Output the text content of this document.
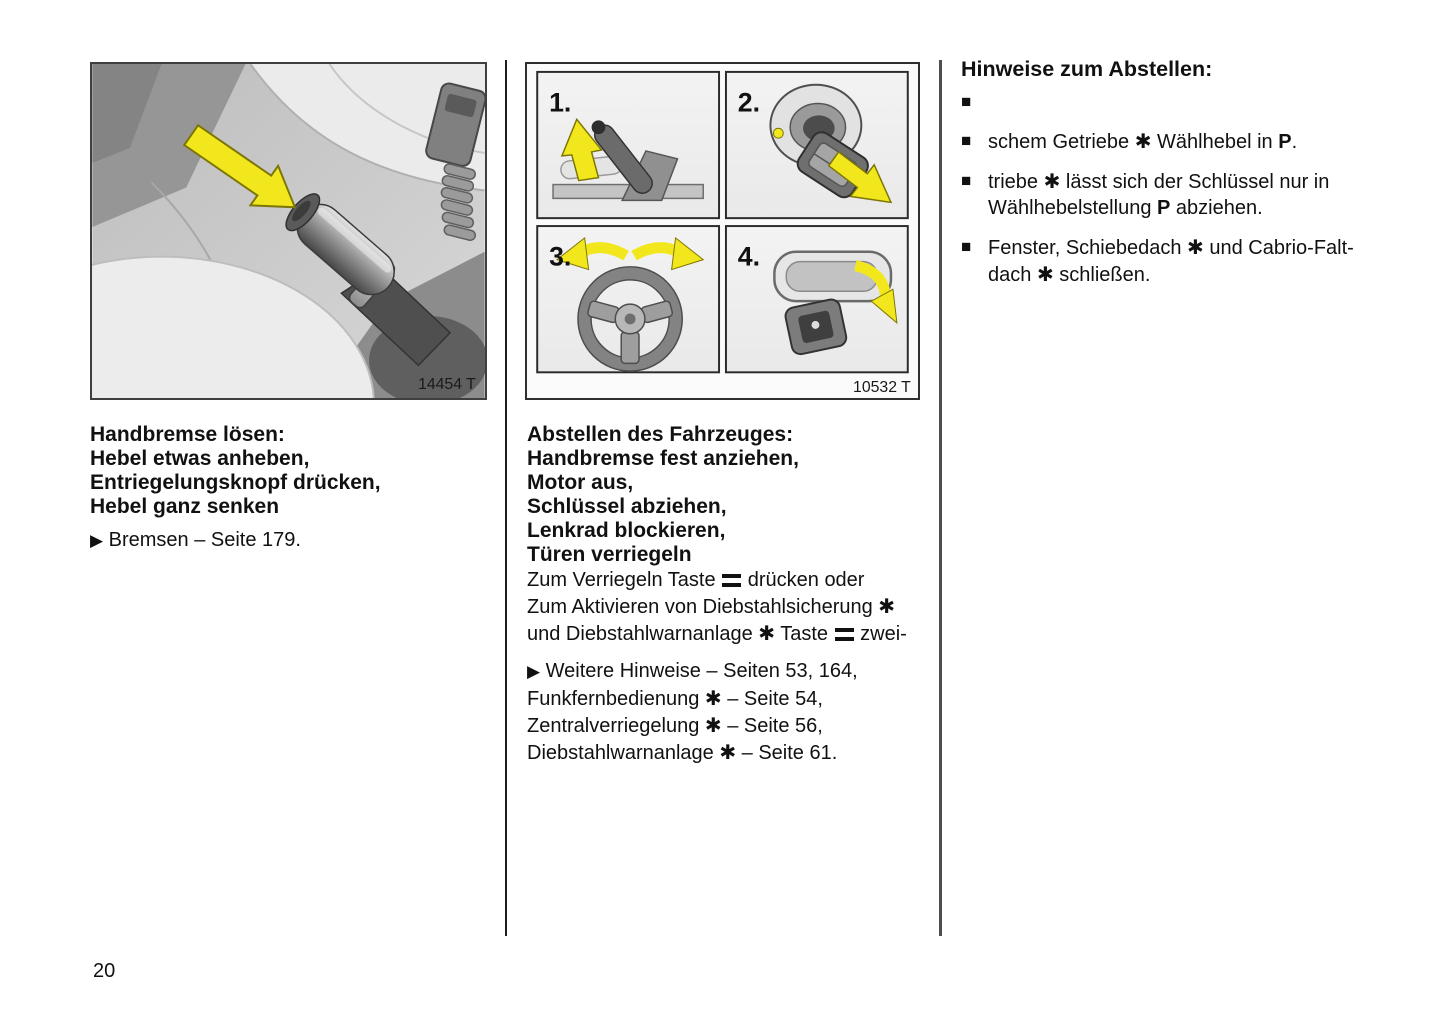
14454 T
1.	2.
3.	4.
10532 T
Handbremse lösen:
Hebel etwas anheben,
Entriegelungsknopf drücken,
Hebel ganz senken
▶ Bremsen – Seite 179.
Abstellen des Fahrzeuges:
Handbremse fest anziehen,
Motor aus,
Schlüssel abziehen,
Lenkrad blockieren,
Türen verriegeln
Zum Verriegeln Taste  drücken oder
Zum Aktivieren von Diebstahlsicherung ✱
und Diebstahlwarnanlage ✱ Taste  zwei-
▶ Weitere Hinweise – Seiten 53, 164,
Funkfernbedienung ✱ – Seite 54,
Zentralverriegelung ✱ – Seite 56,
Diebstahlwarnanlage ✱ – Seite 61.
Hinweise zum Abstellen:
■
■ schem Getriebe ✱ Wählhebel in P.
■ triebe ✱ lässt sich der Schlüssel nur in
Wählhebelstellung P abziehen.
■ Fenster, Schiebedach ✱ und Cabrio-Falt-
dach ✱ schließen.
20
